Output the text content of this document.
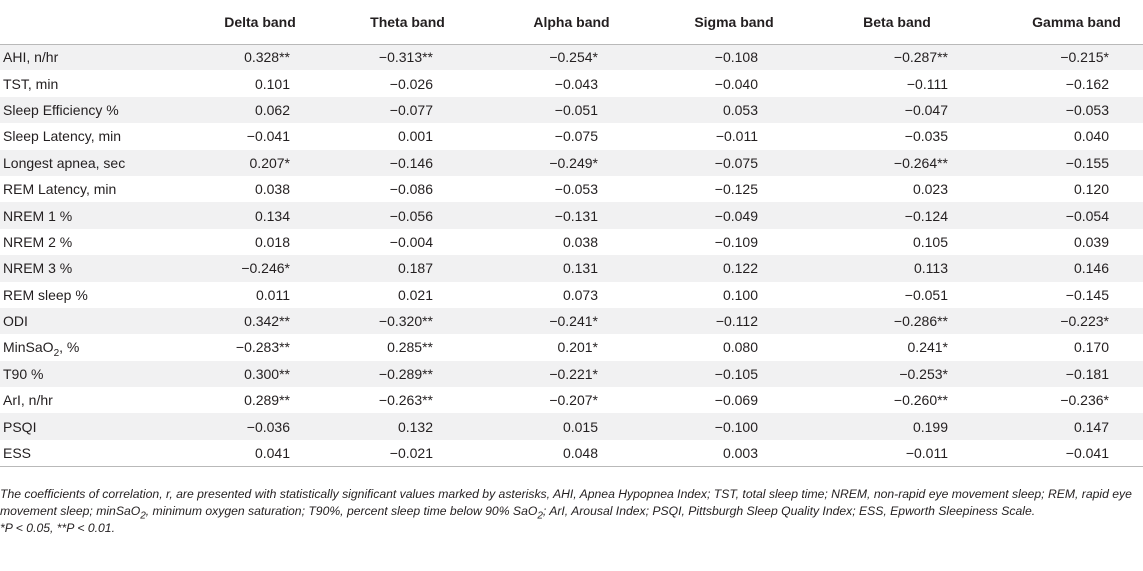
	Delta band	Theta band	Alpha band	Sigma band	Beta band	Gamma band
AHI, n/hr	0.328**	−0.313**	−0.254*	−0.108	−0.287**	−0.215*
TST, min	0.101	−0.026	−0.043	−0.040	−0.111	−0.162
Sleep Efficiency %	0.062	−0.077	−0.051	0.053	−0.047	−0.053
Sleep Latency, min	−0.041	0.001	−0.075	−0.011	−0.035	0.040
Longest apnea, sec	0.207*	−0.146	−0.249*	−0.075	−0.264**	−0.155
REM Latency, min	0.038	−0.086	−0.053	−0.125	0.023	0.120
NREM 1 %	0.134	−0.056	−0.131	−0.049	−0.124	−0.054
NREM 2 %	0.018	−0.004	0.038	−0.109	0.105	0.039
NREM 3 %	−0.246*	0.187	0.131	0.122	0.113	0.146
REM sleep %	0.011	0.021	0.073	0.100	−0.051	−0.145
ODI	0.342**	−0.320**	−0.241*	−0.112	−0.286**	−0.223*
MinSaO$_2$, %	−0.283**	0.285**	0.201*	0.080	0.241*	0.170
T90 %	0.300**	−0.289**	−0.221*	−0.105	−0.253*	−0.181
ArI, n/hr	0.289**	−0.263**	−0.207*	−0.069	−0.260**	−0.236*
PSQI	−0.036	0.132	0.015	−0.100	0.199	0.147
ESS	0.041	−0.021	0.048	0.003	−0.011	−0.041

The coefficients of correlation, r, are presented with statistically significant values marked by asterisks, AHI, Apnea Hypopnea Index; TST, total sleep time; NREM, non-rapid eye movement sleep; REM, rapid eye movement sleep; minSaO$_2$, minimum oxygen saturation; T90%, percent sleep time below 90% SaO$_2$; ArI, Arousal Index; PSQI, Pittsburgh Sleep Quality Index; ESS, Epworth Sleepiness Scale.

*P < 0.05, **P < 0.01.
